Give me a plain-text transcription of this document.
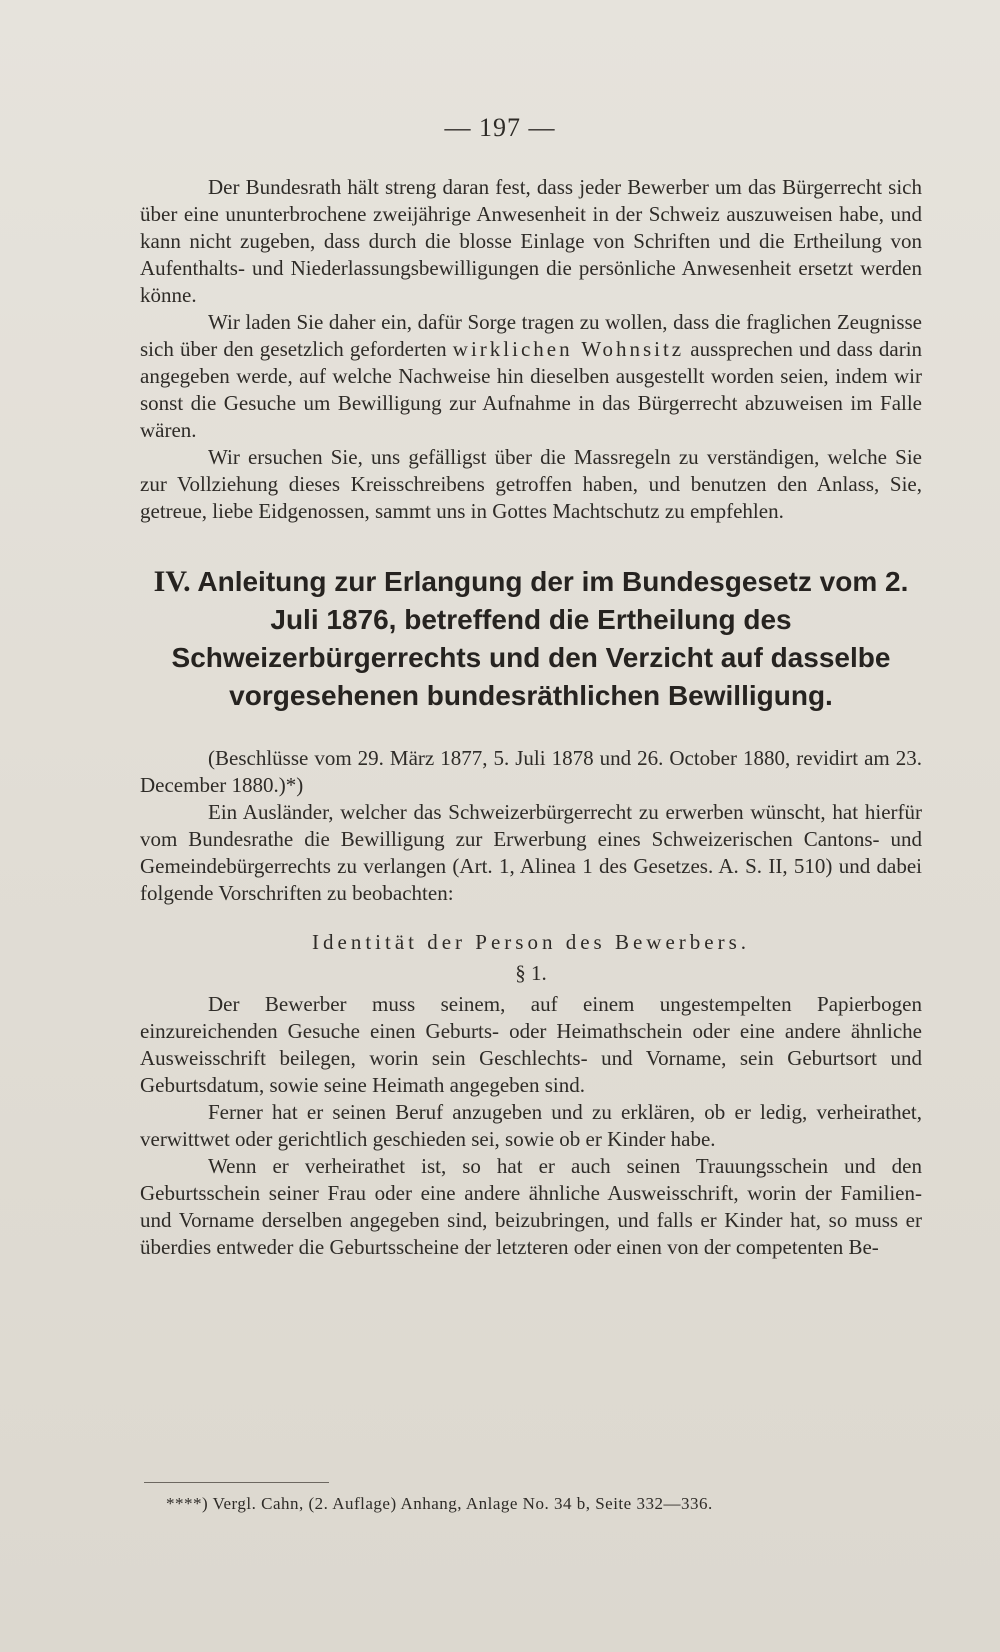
— 197 —

Der Bundesrath hält streng daran fest, dass jeder Bewerber um das Bürgerrecht sich über eine ununterbrochene zweijährige Anwesenheit in der Schweiz auszuweisen habe, und kann nicht zugeben, dass durch die blosse Einlage von Schriften und die Ertheilung von Aufenthalts- und Niederlassungsbewilligungen die persönliche Anwesenheit ersetzt werden könne.

Wir laden Sie daher ein, dafür Sorge tragen zu wollen, dass die fraglichen Zeugnisse sich über den gesetzlich geforderten wirklichen Wohnsitz aussprechen und dass darin angegeben werde, auf welche Nachweise hin dieselben ausgestellt worden seien, indem wir sonst die Gesuche um Bewilligung zur Aufnahme in das Bürgerrecht abzuweisen im Falle wären.

Wir ersuchen Sie, uns gefälligst über die Massregeln zu verständigen, welche Sie zur Vollziehung dieses Kreisschreibens getroffen haben, und benutzen den Anlass, Sie, getreue, liebe Eidgenossen, sammt uns in Gottes Machtschutz zu empfehlen.

IV. Anleitung zur Erlangung der im Bundesgesetz vom 2. Juli 1876, betreffend die Ertheilung des Schweizerbürgerrechts und den Verzicht auf dasselbe vorgesehenen bundesräthlichen Bewilligung.

(Beschlüsse vom 29. März 1877, 5. Juli 1878 und 26. October 1880, revidirt am 23. December 1880.)*)

Ein Ausländer, welcher das Schweizerbürgerrecht zu erwerben wünscht, hat hierfür vom Bundesrathe die Bewilligung zur Erwerbung eines Schweizerischen Cantons- und Gemeindebürgerrechts zu verlangen (Art. 1, Alinea 1 des Gesetzes. A. S. II, 510) und dabei folgende Vorschriften zu beobachten:

Identität der Person des Bewerbers.
§ 1.

Der Bewerber muss seinem, auf einem ungestempelten Papierbogen einzureichenden Gesuche einen Geburts- oder Heimathschein oder eine andere ähnliche Ausweisschrift beilegen, worin sein Geschlechts- und Vorname, sein Geburtsort und Geburtsdatum, sowie seine Heimath angegeben sind.

Ferner hat er seinen Beruf anzugeben und zu erklären, ob er ledig, verheirathet, verwittwet oder gerichtlich geschieden sei, sowie ob er Kinder habe.

Wenn er verheirathet ist, so hat er auch seinen Trauungsschein und den Geburtsschein seiner Frau oder eine andere ähnliche Ausweisschrift, worin der Familien- und Vorname derselben angegeben sind, beizubringen, und falls er Kinder hat, so muss er überdies entweder die Geburtsscheine der letzteren oder einen von der competenten Be-

****) Vergl. Cahn, (2. Auflage) Anhang, Anlage No. 34 b, Seite 332—336.
